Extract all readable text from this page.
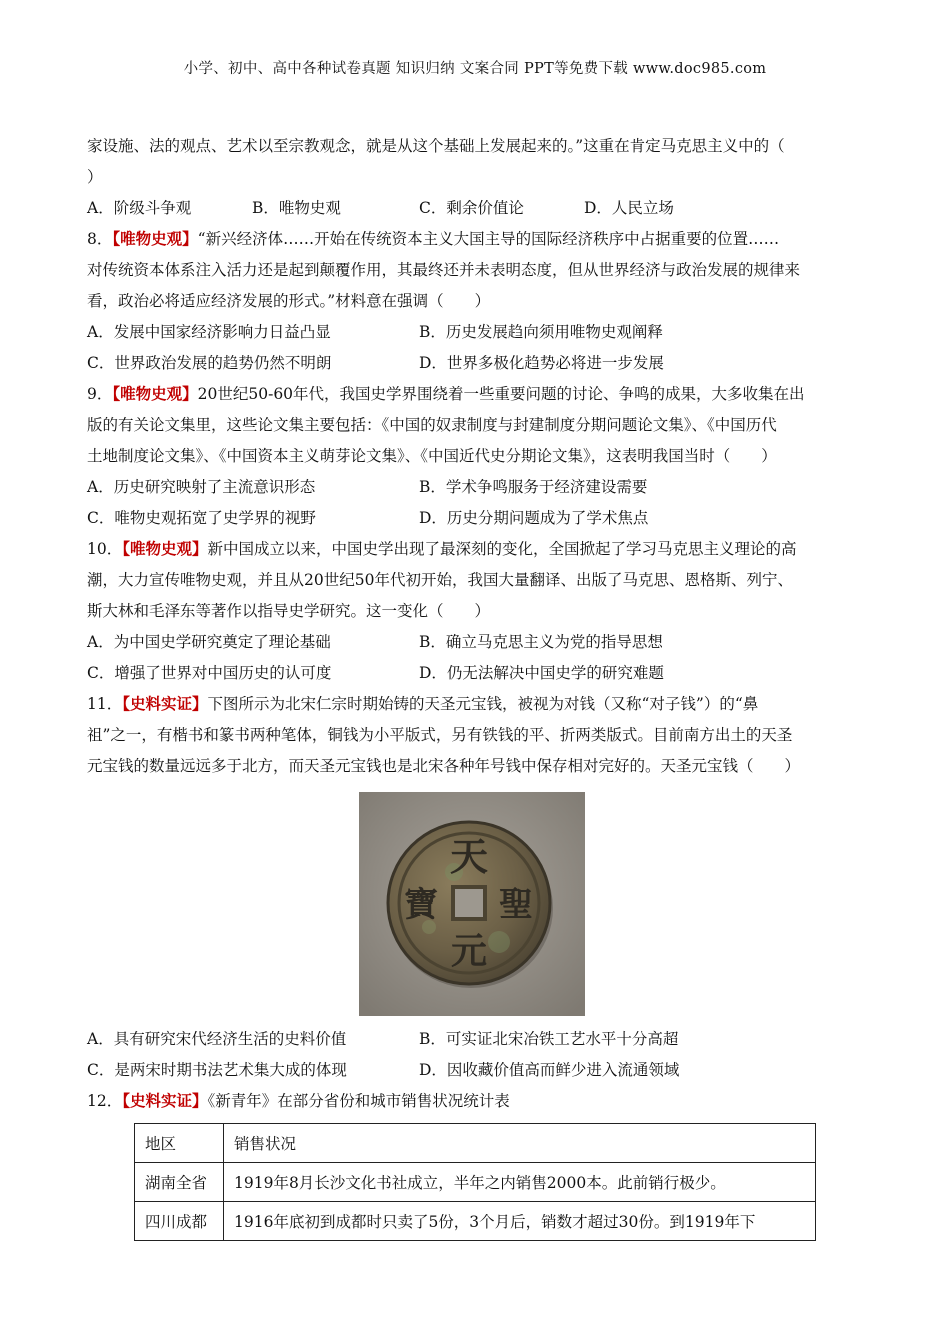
小学、初中、高中各种试卷真题 知识归纳 文案合同 PPT等免费下载 www.doc985.com

家设施、法的观点、艺术以至宗教观念，就是从这个基础上发展起来的。”这重在肯定马克思主义中的（

）

A．阶级斗争观	B．唯物史观	C．剩余价值论	D．人民立场

8．【唯物史观】“新兴经济体……开始在传统资本主义大国主导的国际经济秩序中占据重要的位置……

对传统资本体系注入活力还是起到颠覆作用，其最终还并未表明态度，但从世界经济与政治发展的规律来

看，政治必将适应经济发展的形式。”材料意在强调（　　）

A．发展中国家经济影响力日益凸显	B．历史发展趋向须用唯物史观阐释
C．世界政治发展的趋势仍然不明朗	D．世界多极化趋势必将进一步发展

9．【唯物史观】20世纪50-60年代，我国史学界围绕着一些重要问题的讨论、争鸣的成果，大多收集在出

版的有关论文集里，这些论文集主要包括：《中国的奴隶制度与封建制度分期问题论文集》、《中国历代

土地制度论文集》、《中国资本主义萌芽论文集》、《中国近代史分期论文集》，这表明我国当时（　　）

A．历史研究映射了主流意识形态	B．学术争鸣服务于经济建设需要
C．唯物史观拓宽了史学界的视野	D．历史分期问题成为了学术焦点

10．【唯物史观】新中国成立以来，中国史学出现了最深刻的变化，全国掀起了学习马克思主义理论的高

潮，大力宣传唯物史观，并且从20世纪50年代初开始，我国大量翻译、出版了马克思、恩格斯、列宁、

斯大林和毛泽东等著作以指导史学研究。这一变化（　　）

A．为中国史学研究奠定了理论基础	B．确立马克思主义为党的指导思想
C．增强了世界对中国历史的认可度	D．仍无法解决中国史学的研究难题

11．【史料实证】下图所示为北宋仁宗时期始铸的天圣元宝钱，被视为对钱（又称“对子钱”）的“鼻

祖”之一，有楷书和篆书两种笔体，铜钱为小平版式，另有铁钱的平、折两类版式。目前南方出土的天圣

元宝钱的数量远远多于北方，而天圣元宝钱也是北宋各种年号钱中保存相对完好的。天圣元宝钱（　　）

天
聖
元
寶
A．具有研究宋代经济生活的史料价值	B．可实证北宋冶铁工艺水平十分高超
C．是两宋时期书法艺术集大成的体现	D．因收藏价值高而鲜少进入流通领域

12．【史料实证】《新青年》在部分省份和城市销售状况统计表

地区	销售状况
湖南全省	1919年8月长沙文化书社成立，半年之内销售2000本。此前销行极少。
四川成都	1916年底初到成都时只卖了5份，3个月后，销数才超过30份。到1919年下
